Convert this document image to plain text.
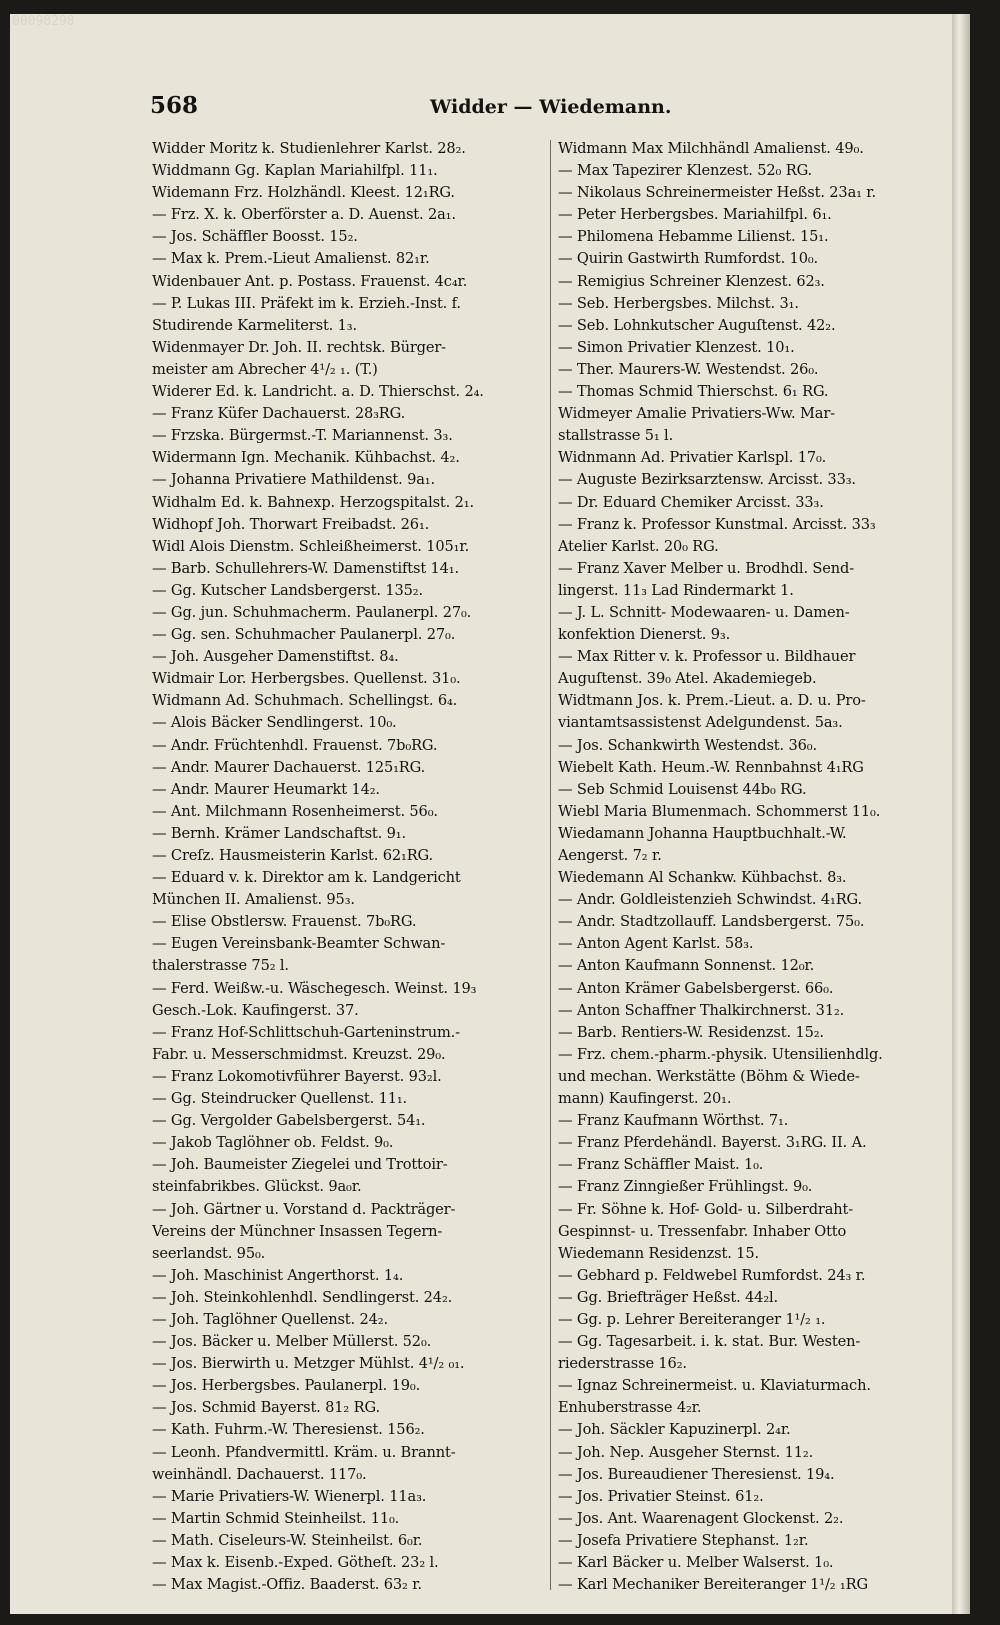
00098298
568	Widder — Wiedemann.
Widder Moritz k. Studienlehrer Karlst. 28₂.
Widdmann Gg. Kaplan Mariahilfpl. 11₁.
Widemann Frz. Holzhändl. Kleest. 12₁RG.
— Frz. X. k. Oberförster a. D. Auenst. 2a₁.
— Jos. Schäffler Boosst. 15₂.
— Max k. Prem.-Lieut Amalienst. 82₁r.
Widenbauer Ant. p. Postass. Frauenst. 4c₄r.
— P. Lukas III. Präfekt im k. Erzieh.-Inst. f.
Studirende Karmeliterst. 1₃.
Widenmayer Dr. Joh. II. rechtsk. Bürger-
meister am Abrecher 4¹/₂ ₁. (T.)
Widerer Ed. k. Landricht. a. D. Thierschst. 2₄.
— Franz Küfer Dachauerst. 28₃RG.
— Frzska. Bürgermst.-T. Mariannenst. 3₃.
Widermann Ign. Mechanik. Kühbachst. 4₂.
— Johanna Privatiere Mathildenst. 9a₁.
Widhalm Ed. k. Bahnexp. Herzogspitalst. 2₁.
Widhopf Joh. Thorwart Freibadst. 26₁.
Widl Alois Dienstm. Schleißheimerst. 105₁r.
— Barb. Schullehrers-W. Damenstiftst 14₁.
— Gg. Kutscher Landsbergerst. 135₂.
— Gg. jun. Schuhmacherm. Paulanerpl. 27₀.
— Gg. sen. Schuhmacher Paulanerpl. 27₀.
— Joh. Ausgeher Damenstiftst. 8₄.
Widmair Lor. Herbergsbes. Quellenst. 31₀.
Widmann Ad. Schuhmach. Schellingst. 6₄.
— Alois Bäcker Sendlingerst. 10₀.
— Andr. Früchtenhdl. Frauenst. 7b₀RG.
— Andr. Maurer Dachauerst. 125₁RG.
— Andr. Maurer Heumarkt 14₂.
— Ant. Milchmann Rosenheimerst. 56₀.
— Bernh. Krämer Landschaftst. 9₁.
— Creſz. Hausmeisterin Karlst. 62₁RG.
— Eduard v. k. Direktor am k. Landgericht
München II. Amalienst. 95₃.
— Elise Obstlersw. Frauenst. 7b₀RG.
— Eugen Vereinsbank-Beamter Schwan-
thalerstrasse 75₂ l.
— Ferd. Weißw.-u. Wäschegesch. Weinst. 19₃
Gesch.-Lok. Kaufingerst. 37.
— Franz Hof-Schlittschuh-Garteninstrum.-
Fabr. u. Messerschmidmst. Kreuzst. 29₀.
— Franz Lokomotivführer Bayerst. 93₂l.
— Gg. Steindrucker Quellenst. 11₁.
— Gg. Vergolder Gabelsbergerst. 54₁.
— Jakob Taglöhner ob. Feldst. 9₀.
— Joh. Baumeister Ziegelei und Trottoir-
steinfabrikbes. Glückst. 9a₀r.
— Joh. Gärtner u. Vorstand d. Packträger-
Vereins der Münchner Insassen Tegern-
seerlandst. 95₀.
— Joh. Maschinist Angerthorst. 1₄.
— Joh. Steinkohlenhdl. Sendlingerst. 24₂.
— Joh. Taglöhner Quellenst. 24₂.
— Jos. Bäcker u. Melber Müllerst. 52₀.
— Jos. Bierwirth u. Metzger Mühlst. 4¹/₂ ₀₁.
— Jos. Herbergsbes. Paulanerpl. 19₀.
— Jos. Schmid Bayerst. 81₂ RG.
— Kath. Fuhrm.-W. Theresienst. 156₂.
— Leonh. Pfandvermittl. Kräm. u. Brannt-
weinhändl. Dachauerst. 117₀.
— Marie Privatiers-W. Wienerpl. 11a₃.
— Martin Schmid Steinheilst. 11₀.
— Math. Ciseleurs-W. Steinheilst. 6₀r.
— Max k. Eisenb.-Exped. Götheſt. 23₂ l.
— Max Magist.-Offiz. Baaderst. 63₂ r.
Widmann Max Milchhändl Amalienst. 49₀.
— Max Tapezirer Klenzest. 52₀ RG.
— Nikolaus Schreinermeister Heßst. 23a₁ r.
— Peter Herbergsbes. Mariahilfpl. 6₁.
— Philomena Hebamme Lilienst. 15₁.
— Quirin Gastwirth Rumfordst. 10₀.
— Remigius Schreiner Klenzest. 62₃.
— Seb. Herbergsbes. Milchst. 3₁.
— Seb. Lohnkutscher Auguſtenst. 42₂.
— Simon Privatier Klenzest. 10₁.
— Ther. Maurers-W. Westendst. 26₀.
— Thomas Schmid Thierschst. 6₁ RG.
Widmeyer Amalie Privatiers-Ww. Mar-
stallstrasse 5₁ l.
Widnmann Ad. Privatier Karlspl. 17₀.
— Auguste Bezirksarztensw. Arcisst. 33₃.
— Dr. Eduard Chemiker Arcisst. 33₃.
— Franz k. Professor Kunstmal. Arcisst. 33₃
Atelier Karlst. 20₀ RG.
— Franz Xaver Melber u. Brodhdl. Send-
lingerst. 11₃ Lad Rindermarkt 1.
— J. L. Schnitt- Modewaaren- u. Damen-
konfektion Dienerst. 9₃.
— Max Ritter v. k. Professor u. Bildhauer
Auguſtenst. 39₀ Atel. Akademiegeb.
Widtmann Jos. k. Prem.-Lieut. a. D. u. Pro-
viantamtsassistenst Adelgundenst. 5a₃.
— Jos. Schankwirth Westendst. 36₀.
Wiebelt Kath. Heum.-W. Rennbahnst 4₁RG
— Seb Schmid Louisenst 44b₀ RG.
Wiebl Maria Blumenmach. Schommerst 11₀.
Wiedamann Johanna Hauptbuchhalt.-W.
Aengerst. 7₂ r.
Wiedemann Al Schankw. Kühbachst. 8₃.
— Andr. Goldleistenzieh Schwindst. 4₁RG.
— Andr. Stadtzollauff. Landsbergerst. 75₀.
— Anton Agent Karlst. 58₃.
— Anton Kaufmann Sonnenst. 12₀r.
— Anton Krämer Gabelsbergerst. 66₀.
— Anton Schaffner Thalkirchnerst. 31₂.
— Barb. Rentiers-W. Residenzst. 15₂.
— Frz. chem.-pharm.-physik. Utensilienhdlg.
und mechan. Werkstätte (Böhm & Wiede-
mann) Kaufingerst. 20₁.
— Franz Kaufmann Wörthst. 7₁.
— Franz Pferdehändl. Bayerst. 3₁RG. II. A.
— Franz Schäffler Maist. 1₀.
— Franz Zinngießer Frühlingst. 9₀.
— Fr. Söhne k. Hof- Gold- u. Silberdraht-
Gespinnst- u. Tressenfabr. Inhaber Otto
Wiedemann Residenzst. 15.
— Gebhard p. Feldwebel Rumfordst. 24₃ r.
— Gg. Briefträger Heßst. 44₂l.
— Gg. p. Lehrer Bereiteranger 1¹/₂ ₁.
— Gg. Tagesarbeit. i. k. stat. Bur. Westen-
riederstrasse 16₂.
— Ignaz Schreinermeist. u. Klaviaturmach.
Enhuberstrasse 4₂r.
— Joh. Säckler Kapuzinerpl. 2₄r.
— Joh. Nep. Ausgeher Sternst. 11₂.
— Jos. Bureaudiener Theresienst. 19₄.
— Jos. Privatier Steinst. 61₂.
— Jos. Ant. Waarenagent Glockenst. 2₂.
— Josefa Privatiere Stephanst. 1₂r.
— Karl Bäcker u. Melber Walserst. 1₀.
— Karl Mechaniker Bereiteranger 1¹/₂ ₁RG
